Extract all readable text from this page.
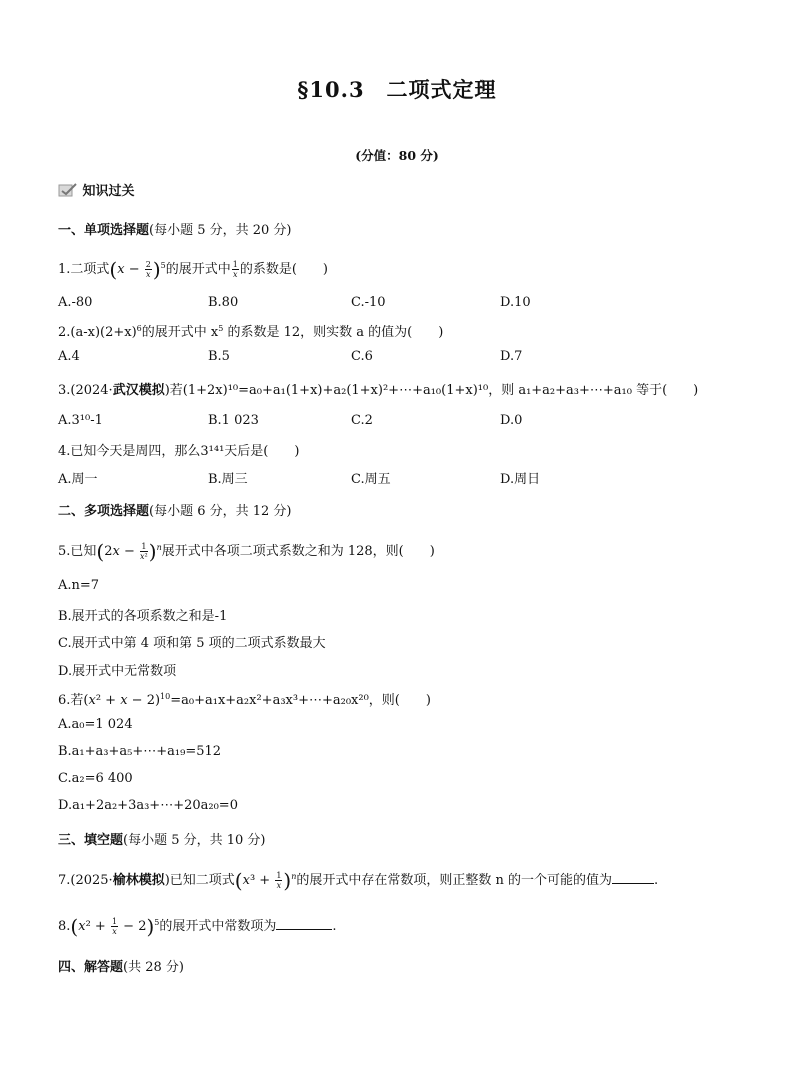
§10.3　二项式定理
(分值：80 分)
知识过关
一、单项选择题(每小题 5 分，共 20 分)
1.二项式$(x - \frac{2}{x} )^5$的展开式中 $\frac{1}{x}$ 的系数是(　　)
A.-80	B.80	C.-10	D.10
$2.(a-x)(2+x)^6$的展开式中 $x^5$ 的系数是 12，则实数 a 的值为(　　)
A.4	B.5	C.6	D.7
3.(2024·武汉模拟)若(1+2x)¹⁰=a₀+a₁(1+x)+a₂(1+x)²+⋯+a₁₀(1+x)¹⁰，则 a₁+a₂+a₃+⋯+a₁₀ 等于(　　)
A.3¹⁰-1	B.1 023	C.2	D.0
4.已知今天是周四，那么3¹⁴¹天后是(　　)
A.周一	B.周三	C.周五	D.周日
二、多项选择题(每小题 6 分，共 12 分)
5.已知$(2x - \frac{1}{\text{x²}} )^n$展开式中各项二项式系数之和为 128，则(　　)
A.n=7
B.展开式的各项系数之和是-1
C.展开式中第 4 项和第 5 项的二项式系数最大
D.展开式中无常数项
6.若$(x^2 + x - 2)^{10}=a_0+a_1x+a_2x^2+a_3x^3+\cdots+a_{20}x^{20}$，则(　　)
A.a₀=1 024
B.a₁+a₃+a₅+⋯+a₁₉=512
C.a₂=6 400
D.a₁+2a₂+3a₃+⋯+20a₂₀=0
三、填空题(每小题 5 分，共 10 分)
7.(2025·榆林模拟)已知二项式$(x^3 + \frac{1}{x} )^n$的展开式中存在常数项，则正整数 n 的一个可能的值为	.
$8.(x^2 + \frac{1}{x} - 2)^5$的展开式中常数项为	.
四、解答题(共 28 分)
